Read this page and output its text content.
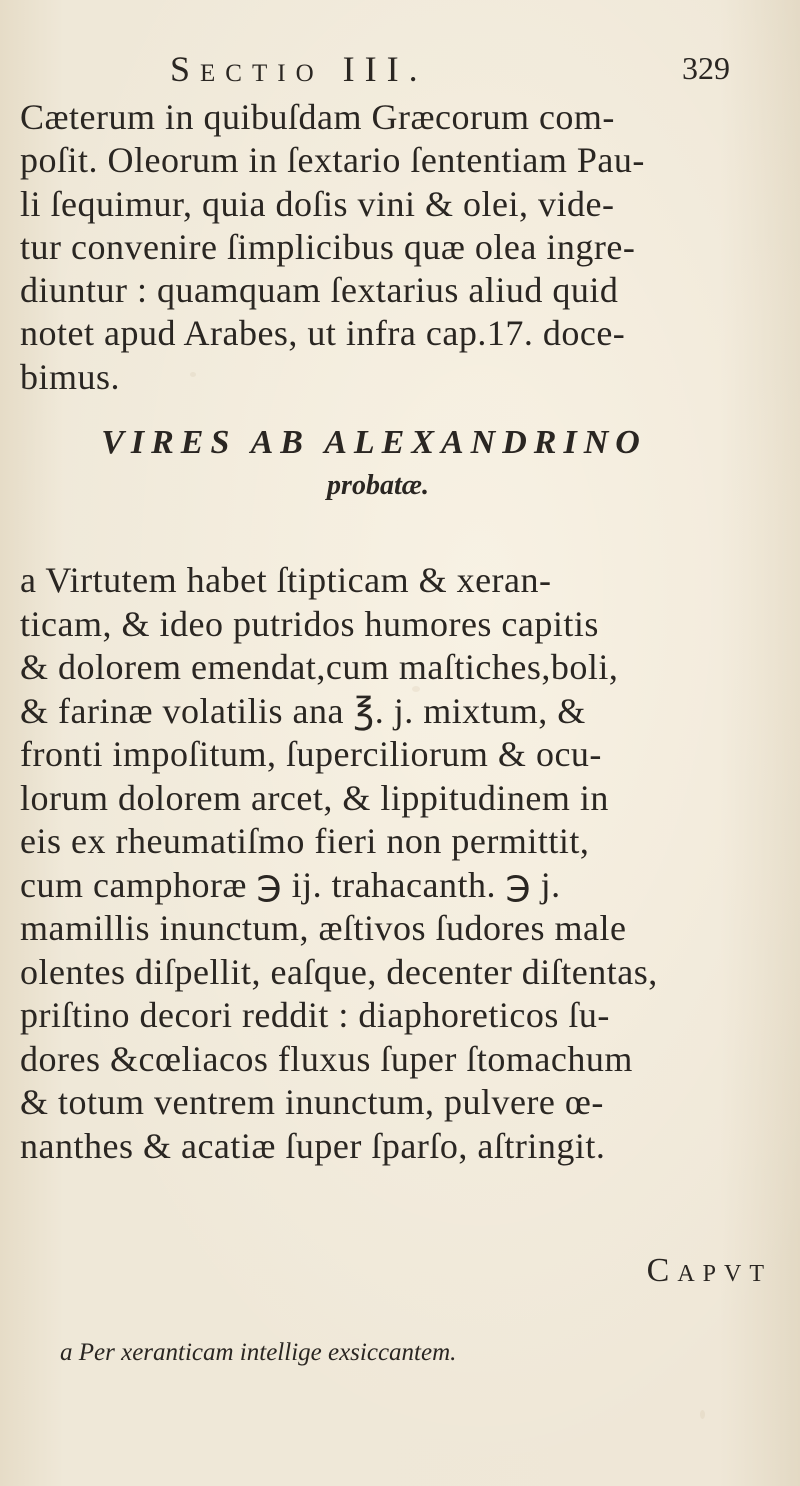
Sectio III.	329
Cæterum in quibuſdam Græcorum com-
poſit. Oleorum in ſextario ſententiam Pau-
li ſequimur, quia doſis vini & olei, vide-
tur convenire ſimplicibus quæ olea ingre-
diuntur : quamquam ſextarius aliud quid
notet apud Arabes, ut infra cap.17. doce-
bimus.
VIRES AB ALEXANDRINO
probatæ.
a Virtutem habet ſtipticam & xeran-
ticam, & ideo putridos humores capitis
& dolorem emendat,cum maſtiches,boli,
& farinæ volatilis ana ℥. j. mixtum, &
fronti impoſitum, ſuperciliorum & ocu-
lorum dolorem arcet, & lippitudinem in
eis ex rheumatiſmo fieri non permittit,
cum camphoræ ℈ ij. trahacanth. ℈ j.
mamillis inunctum, æſtivos ſudores male
olentes diſpellit, eaſque, decenter diſtentas,
priſtino decori reddit : diaphoreticos ſu-
dores &cœliacos fluxus ſuper ſtomachum
& totum ventrem inunctum, pulvere œ-
nanthes & acatiæ ſuper ſparſo, aſtringit.
Capvt
a Per xeranticam intellige exsiccantem.
